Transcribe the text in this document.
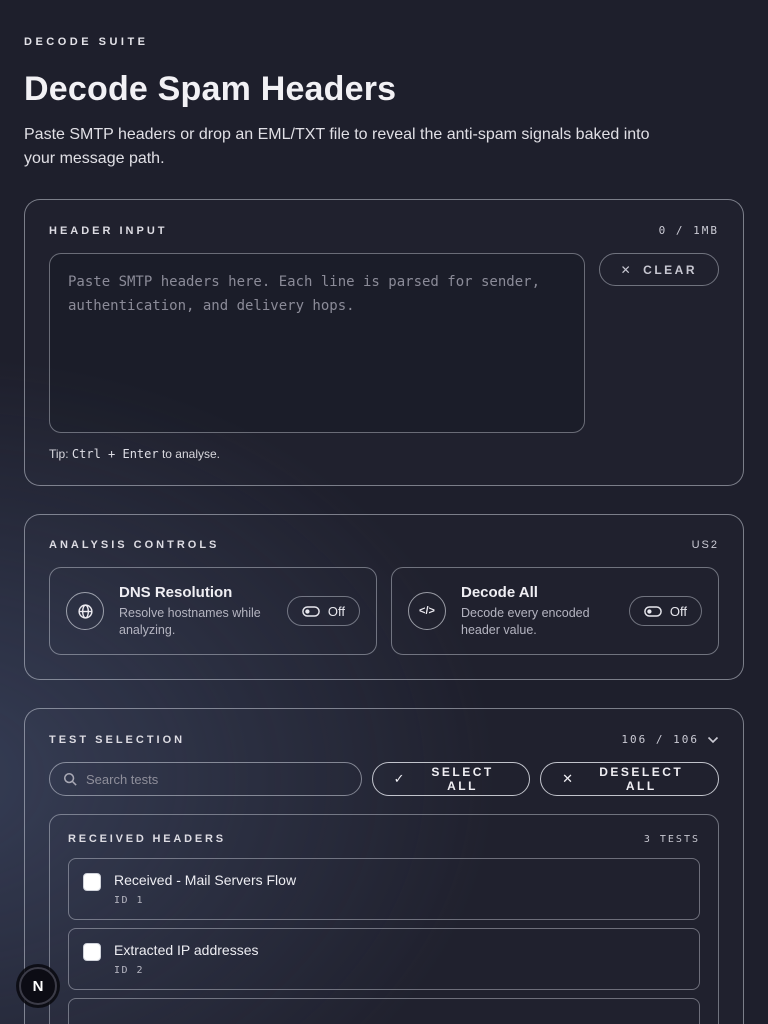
DECODE SUITE
Decode Spam Headers

Paste SMTP headers or drop an EML/TXT file to reveal the anti-spam signals baked into your message path.

HEADER INPUT	0 / 1MB
Paste SMTP headers here. Each line is parsed for sender, authentication, and delivery hops.
✕ CLEAR
Tip: Ctrl + Enter to analyse.
ANALYSIS CONTROLS	US2
DNS Resolution
Resolve hostnames while analyzing.
Off	</>
Decode All
Decode every encoded header value.
Off
TEST SELECTION	106 / 106
Search tests
✓	SELECT ALL	✕	DESELECT ALL
RECEIVED HEADERS	3 TESTS
Received - Mail Servers Flow
ID 1
Extracted IP addresses
ID 2
N
